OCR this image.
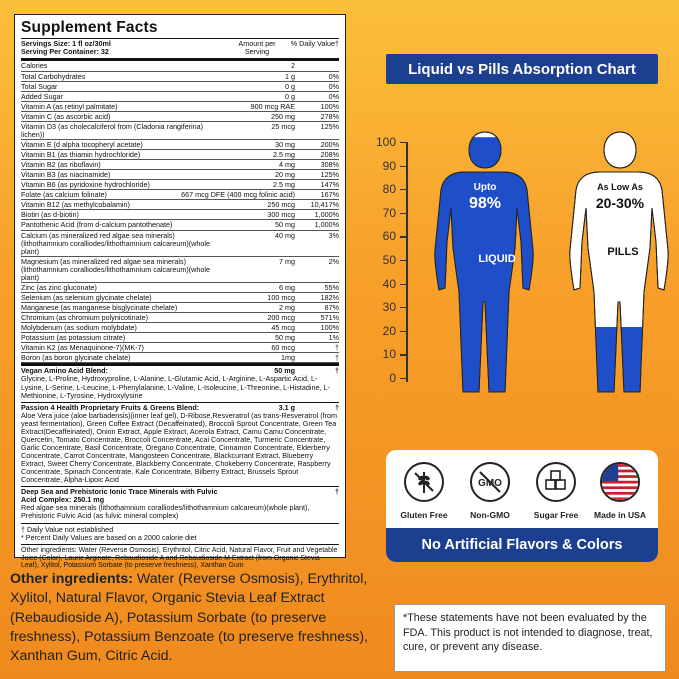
Supplement Facts
Servings Size: 1 fl oz/30ml
Serving Per Container: 32
Amount per Serving
% Daily Value†
Calories	2
Total Carbohydrates	1 g	0%
Total Sugar	0 g	0%
Added Sugar	0 g	0%
Vitamin A (as retinyl palmitate)	900 mcg RAE	100%
Vitamin C (as ascorbic acid)	250 mg	278%
Vitamin D3 (as cholecalciferol from (Cladonia rangiferina) lichen))
25 mcg	125%
Vitamin E (d alpha tocopheryl acetate)	30 mg	200%
Vitamin B1 (as thiamin hydrochloride)	2.5 mg	208%
Vitamin B2 (as riboflavin)	4 mg	308%
Vitamin B3 (as niacinamide)	20 mg	125%
Vitamin B6 (as pyridoxine hydrochloride)	2.5 mg	147%
Folate (as calcium folinate)	667 mcg DFE (400 mcg folinic acid)	167%
Vitamin B12 (as methylcobalamin)	250 mcg	10,417%
Biotin (as d-biotin)	300 mcg	1,000%
Pantothenic Acid (from d-calcium pantothenate)	50 mg	1,000%
Calcium (as mineralized red algae sea minerals) (lithothamnium coralliodes/lithothamnium calcareum)(whole plant)
40 mg	3%
Magnesium (as mineralized red algae sea minerals) (lithothamnium coralliodes/lithothamnium calcareum)(whole plant)
7 mg	2%
Zinc (as zinc gluconate)	6 mg	55%
Selenium (as selenium glycinate chelate)	100 mcg	182%
Manganese (as manganese bisglycinate chelate)	2 mg	87%
Chromium (as chromium polynicotinate)	200 mcg	571%
Molybdenum (as sodium molybdate)	45 mcg	100%
Potassium (as potassium citrate)	50 mg	1%
Vitamin K2 (as Menaquinone-7)(MK-7)	60 mcg	†
Boron (as boron glycinate chelate)	1mg	†
Vegan Amino Acid Blend:	50 mg	†
Glycine, L-Proline, Hydroxyproline, L-Alanine, L-Glutamic Acid, L-Arginine, L-Aspartic Acid, L-Lysine, L-Serine, L-Leucine, L-Phenylalanine, L-Valine, L-Isoleucine, L-Threonine, L-Histadine, L-Methionine, L-Tyrosine, Hydroxylysine
Passion 4 Health Proprietary Fruits & Greens Blend:	3.1 g	†
Aloe Vera juice (aloe barbadensis)(inner leaf gel), D-Ribose,Resveratrol (as trans-Resveratrol (from yeast fermentation), Green Coffee Extract (Decaffeinated), Broccoli Sprout Concentrate, Green Tea Extract(Decaffeinated), Onion Extract, Apple Extract, Acerola Extract, Camu Camu Concentrate, Quercetin, Tomato Concentrate, Broccoli Concentrate, Acai Concentrate, Turmeric Concentrate, Garlic Concentrate, Basil Concentrate, Oregano Concentrate, Cinnamon Concentrate, Elderberry Concentrate, Carrot Concentrate, Mangosteen Concentrate, Blackcurrant Extract, Blueberry Extract, Sweet Cherry Concentrate, Blackberry Concentrate, Chokeberry Concentrate, Raspberry Concentrate, Spinach Concentrate, Kale Concentrate, Bilberry Extract, Brussels Sprout Concentrate, Alpha-Lipoic Acid
Deep Sea and Prehistoric Ionic Trace Minerals with Fulvic Acid Complex: 250.1 mg
†
Red algae sea minerals (lithothamnium coralliodes/lithothamnium calcareum)(whole plant), Prehistoric Fulvic Acid (as fulvic mineral complex)
† Daily Value not established
* Percent Daily Values are based on a 2000 calorie diet
Other ingredients: Water (Reverse Osmosis), Erythritol, Citric Acid, Natural Flavor, Fruit and Vegetable Juice (Color), Lauric Arginate, Rebaudioside A and Rebaudioside M Extract (from Organic Stevia Leaf), Xylitol, Potassium Sorbate (to preserve freshness), Xanthan Gum
Other ingredients: Water (Reverse Osmosis), Erythritol, Xylitol, Natural Flavor, Organic Stevia Leaf Extract (Rebaudioside A), Potassium Sorbate (to preserve freshness), Potassium Benzoate (to preserve freshness), Xanthan Gum, Citric Acid.
Liquid vs Pills Absorption Chart
100
90
80
70
60
50
40
30
20
10
0
Upto
98%
LIQUID
As Low As
20-30%
PILLS
Gluten Free
GMO
Non-GMO	Sugar Free	Made in USA
No Artificial Flavors & Colors
*These statements have not been evaluated by the FDA. This product is not intended to diagnose, treat, cure, or prevent any disease.
